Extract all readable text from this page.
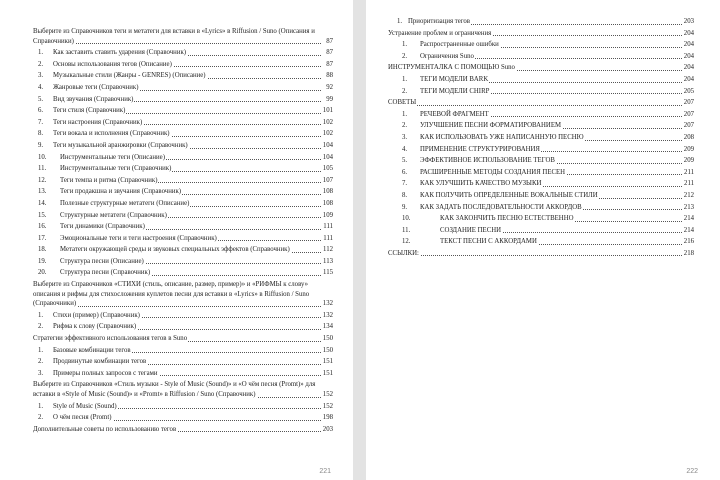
Выберите из Справочников теги и метатеги для вставки в «Lyrics» в Riffusion / Suno (Описания и Справочники)	87
1. Как заставить ставить ударения (Справочник)	87
2. Основы использования тегов (Описание)	87
3. Музыкальные стили (Жанры - GENRES) (Описание)	88
4. Жанровые теги (Справочник)	92
5. Вид звучания (Справочник)	99
6. Теги стиля (Справочник)	101
7. Теги настроения (Справочник)	102
8. Теги вокала и исполнения (Справочник)	102
9. Теги музыкальной аранжировки (Справочник)	104
10. Инструментальные теги (Описание)	104
11. Инструментальные теги (Справочник)	105
12. Теги темпа и ритма (Справочник)	107
13. Теги продакшна и звучания (Справочник)	108
14. Полезные структурные метатеги (Описание)	108
15. Структурные метатеги (Справочник)	109
16. Теги динамики (Справочник)	111
17. Эмоциональные теги и теги настроения (Справочник)	111
18. Метатеги окружающей среды и звуковых специальных эффектов (Справочник)	112
19. Структура песни (Описание)	113
20. Структура песни (Справочник)	115
Выберите из Справочников «СТИХИ (стиль, описание, размер, пример)» и «РИФМЫ к слову» описания и рифмы для стихосложения куплетов песни для вставки в «Lyrics» в Riffusion / Suno (Справочники)	132
1. Стихи (пример) (Справочник)	132
2. Рифма к слову (Справочник)	134
Стратегии эффективного использования тегов в Suno	150
1. Базовые комбинации тегов	150
2. Продвинутые комбинации тегов	151
3. Примеры полных запросов с тегами	151
Выберите из Справочников «Стиль музыки - Style of Music (Sound)» и «О чём песня (Promt)» для вставки в «Style of Music (Sound)» и «Promt» в Riffusion / Suno (Справочник)	152
1. Style of Music (Sound)	152
2. О чём песня (Promt)	198
Дополнительные советы по использованию тегов	203
221
1. Приоритизация тегов	203
Устранение проблем и ограничения	204
1. Распространенные ошибки	204
2. Ограничения Suno	204
ИНСТРУМЕНТАЛКА С ПОМОЩЬЮ Suno	204
1. ТЕГИ МОДЕЛИ BARK	204
2. ТЕГИ МОДЕЛИ CHIRP	205
СОВЕТЫ	207
1. РЕЧЕВОЙ ФРАГМЕНТ	207
2. УЛУЧШЕНИЕ ПЕСНИ ФОРМАТИРОВАНИЕМ	207
3. КАК ИСПОЛЬЗОВАТЬ УЖЕ НАПИСАННУЮ ПЕСНЮ	208
4. ПРИМЕНЕНИЕ СТРУКТУРИРОВАНИЯ	209
5. ЭФФЕКТИВНОЕ ИСПОЛЬЗОВАНИЕ ТЕГОВ	209
6. РАСШИРЕННЫЕ МЕТОДЫ СОЗДАНИЯ ПЕСЕН	211
7. КАК УЛУЧШИТЬ КАЧЕСТВО МУЗЫКИ	211
8. КАК ПОЛУЧИТЬ ОПРЕДЕЛЕННЫЕ ВОКАЛЬНЫЕ СТИЛИ	212
9. КАК ЗАДАТЬ ПОСЛЕДОВАТЕЛЬНОСТИ АККОРДОВ	213
10.	КАК ЗАКОНЧИТЬ ПЕСНЮ ЕСТЕСТВЕННО	214
11.	СОЗДАНИЕ ПЕСНИ	214
12.	ТЕКСТ ПЕСНИ С АККОРДАМИ	216
ССЫЛКИ:	218
222
